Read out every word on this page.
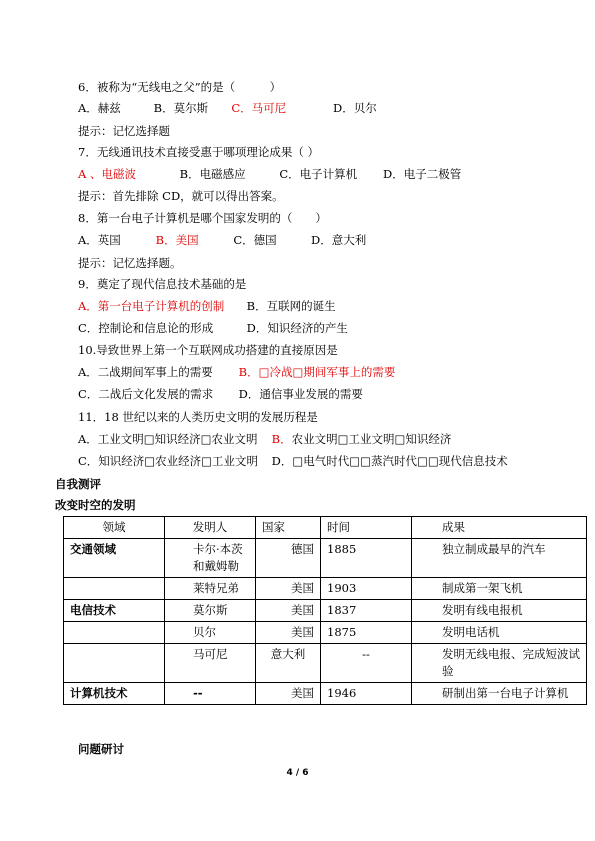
6．被称为“无线电之父”的是（　　　）
A．赫兹	B．莫尔斯 C．马可尼	D．贝尔
提示：记忆选择题
7．无线通讯技术直接受惠于哪项理论成果（ ）
A 、电磁波	B．电磁感应	C．电子计算机 D．电子二极管
提示：首先排除 CD，就可以得出答案。
8．第一台电子计算机是哪个国家发明的（　　）
A．英国	B．美国	C．德国	D．意大利
提示：记忆选择题。
9．奠定了现代信息技术基础的是
A．第一台电子计算机的创制 B．互联网的诞生
C．控制论和信息论的形成	D．知识经济的产生
10.导致世界上第一个互联网成功搭建的直接原因是
A．二战期间军事上的需要 B．□冷战□期间军事上的需要
C．二战后文化发展的需求 D．通信事业发展的需要
11．18 世纪以来的人类历史文明的发展历程是
A．工业文明□知识经济□农业文明 B．农业文明□工业文明□知识经济
C．知识经济□农业经济□工业文明 D．□电气时代□□蒸汽时代□□现代信息技术
自我测评
改变时空的发明
领域	发明人	国家	时间	成果
交通领域	卡尔·本茨和戴姆勒	德国	1885	独立制成最早的汽车
	莱特兄弟	美国	1903	制成第一架飞机
电信技术	莫尔斯	美国	1837	发明有线电报机
	贝尔	美国	1875	发明电话机
	马可尼	意大利	--	发明无线电报、完成短波试验
计算机技术	--	美国	1946	研制出第一台电子计算机
问题研讨
4 / 6
